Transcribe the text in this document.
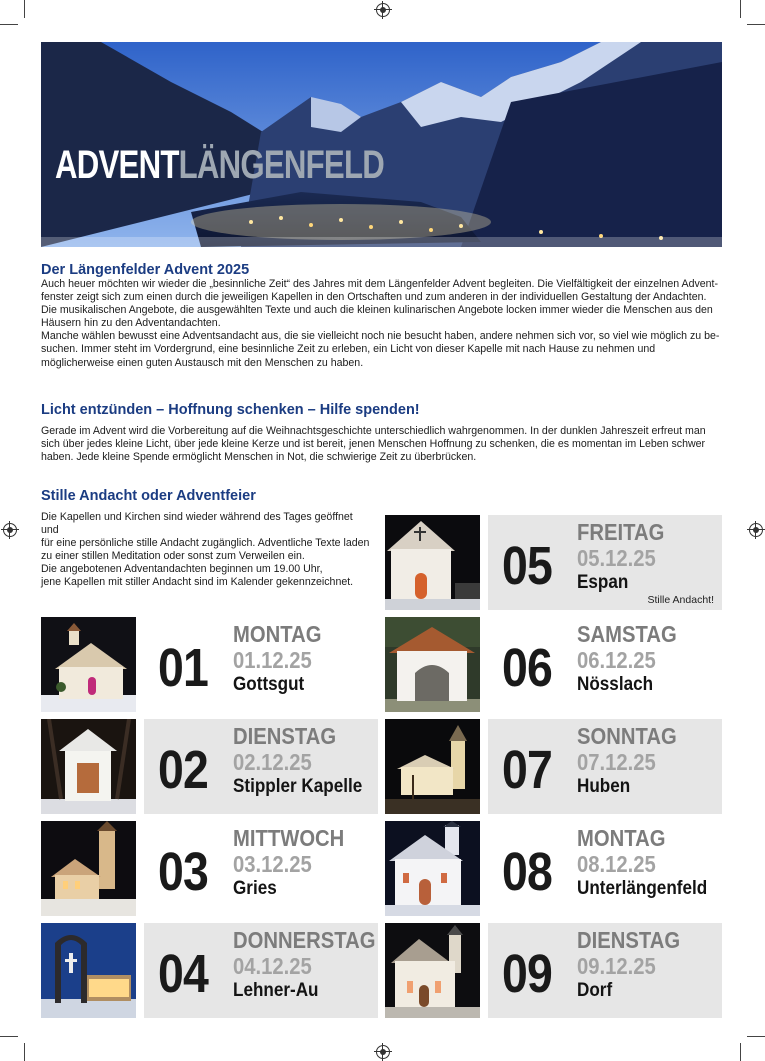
ADVENTLÄNGENFELD
Der Längenfelder Advent 2025

Auch heuer möchten wir wieder die „besinnliche Zeit“ des Jahres mit dem Längenfelder Advent begleiten. Die Vielfältigkeit der einzelnen Advent-fenster zeigt sich zum einen durch die jeweiligen Kapellen in den Ortschaften und zum anderen in der individuellen Gestaltung der Andachten. Die musikalischen Angebote, die ausgewählten Texte und auch die kleinen kulinarischen Angebote locken immer wieder die Menschen aus den Häusern hin zu den Adventandachten.

Manche wählen bewusst eine Adventsandacht aus, die sie vielleicht noch nie besucht haben, andere nehmen sich vor, so viel wie möglich zu be-suchen. Immer steht im Vordergrund, eine besinnliche Zeit zu erleben, ein Licht von dieser Kapelle mit nach Hause zu nehmen und möglicherweise einen guten Austausch mit den Menschen zu haben.

Licht entzünden – Hoffnung schenken – Hilfe spenden!

Gerade im Advent wird die Vorbereitung auf die Weihnachtsgeschichte unterschiedlich wahrgenommen. In der dunklen Jahreszeit erfreut man sich über jedes kleine Licht, über jede kleine Kerze und ist bereit, jenen Menschen Hoffnung zu schenken, die es momentan im Leben schwer haben. Jede kleine Spende ermöglicht Menschen in Not, die schwierige Zeit zu überbrücken.

Stille Andacht oder Adventfeier

Die Kapellen und Kirchen sind wieder während des Tages geöffnet und

für eine persönliche stille Andacht zugänglich. Adventliche Texte laden

zu einer stillen Meditation oder sonst zum Verweilen ein.

Die angebotenen Adventandachten beginnen um 19.00 Uhr,

jene Kapellen mit stiller Andacht sind im Kalender gekennzeichnet.

01
MONTAG
01.12.25
Gottsgut
02
DIENSTAG
02.12.25
Stippler Kapelle
03
MITTWOCH
03.12.25
Gries
04
DONNERSTAG
04.12.25
Lehner-Au
05
FREITAG
05.12.25
Espan
Stille Andacht!
06
SAMSTAG
06.12.25
Nösslach
07
SONNTAG
07.12.25
Huben
08
MONTAG
08.12.25
Unterlängenfeld
09
DIENSTAG
09.12.25
Dorf
